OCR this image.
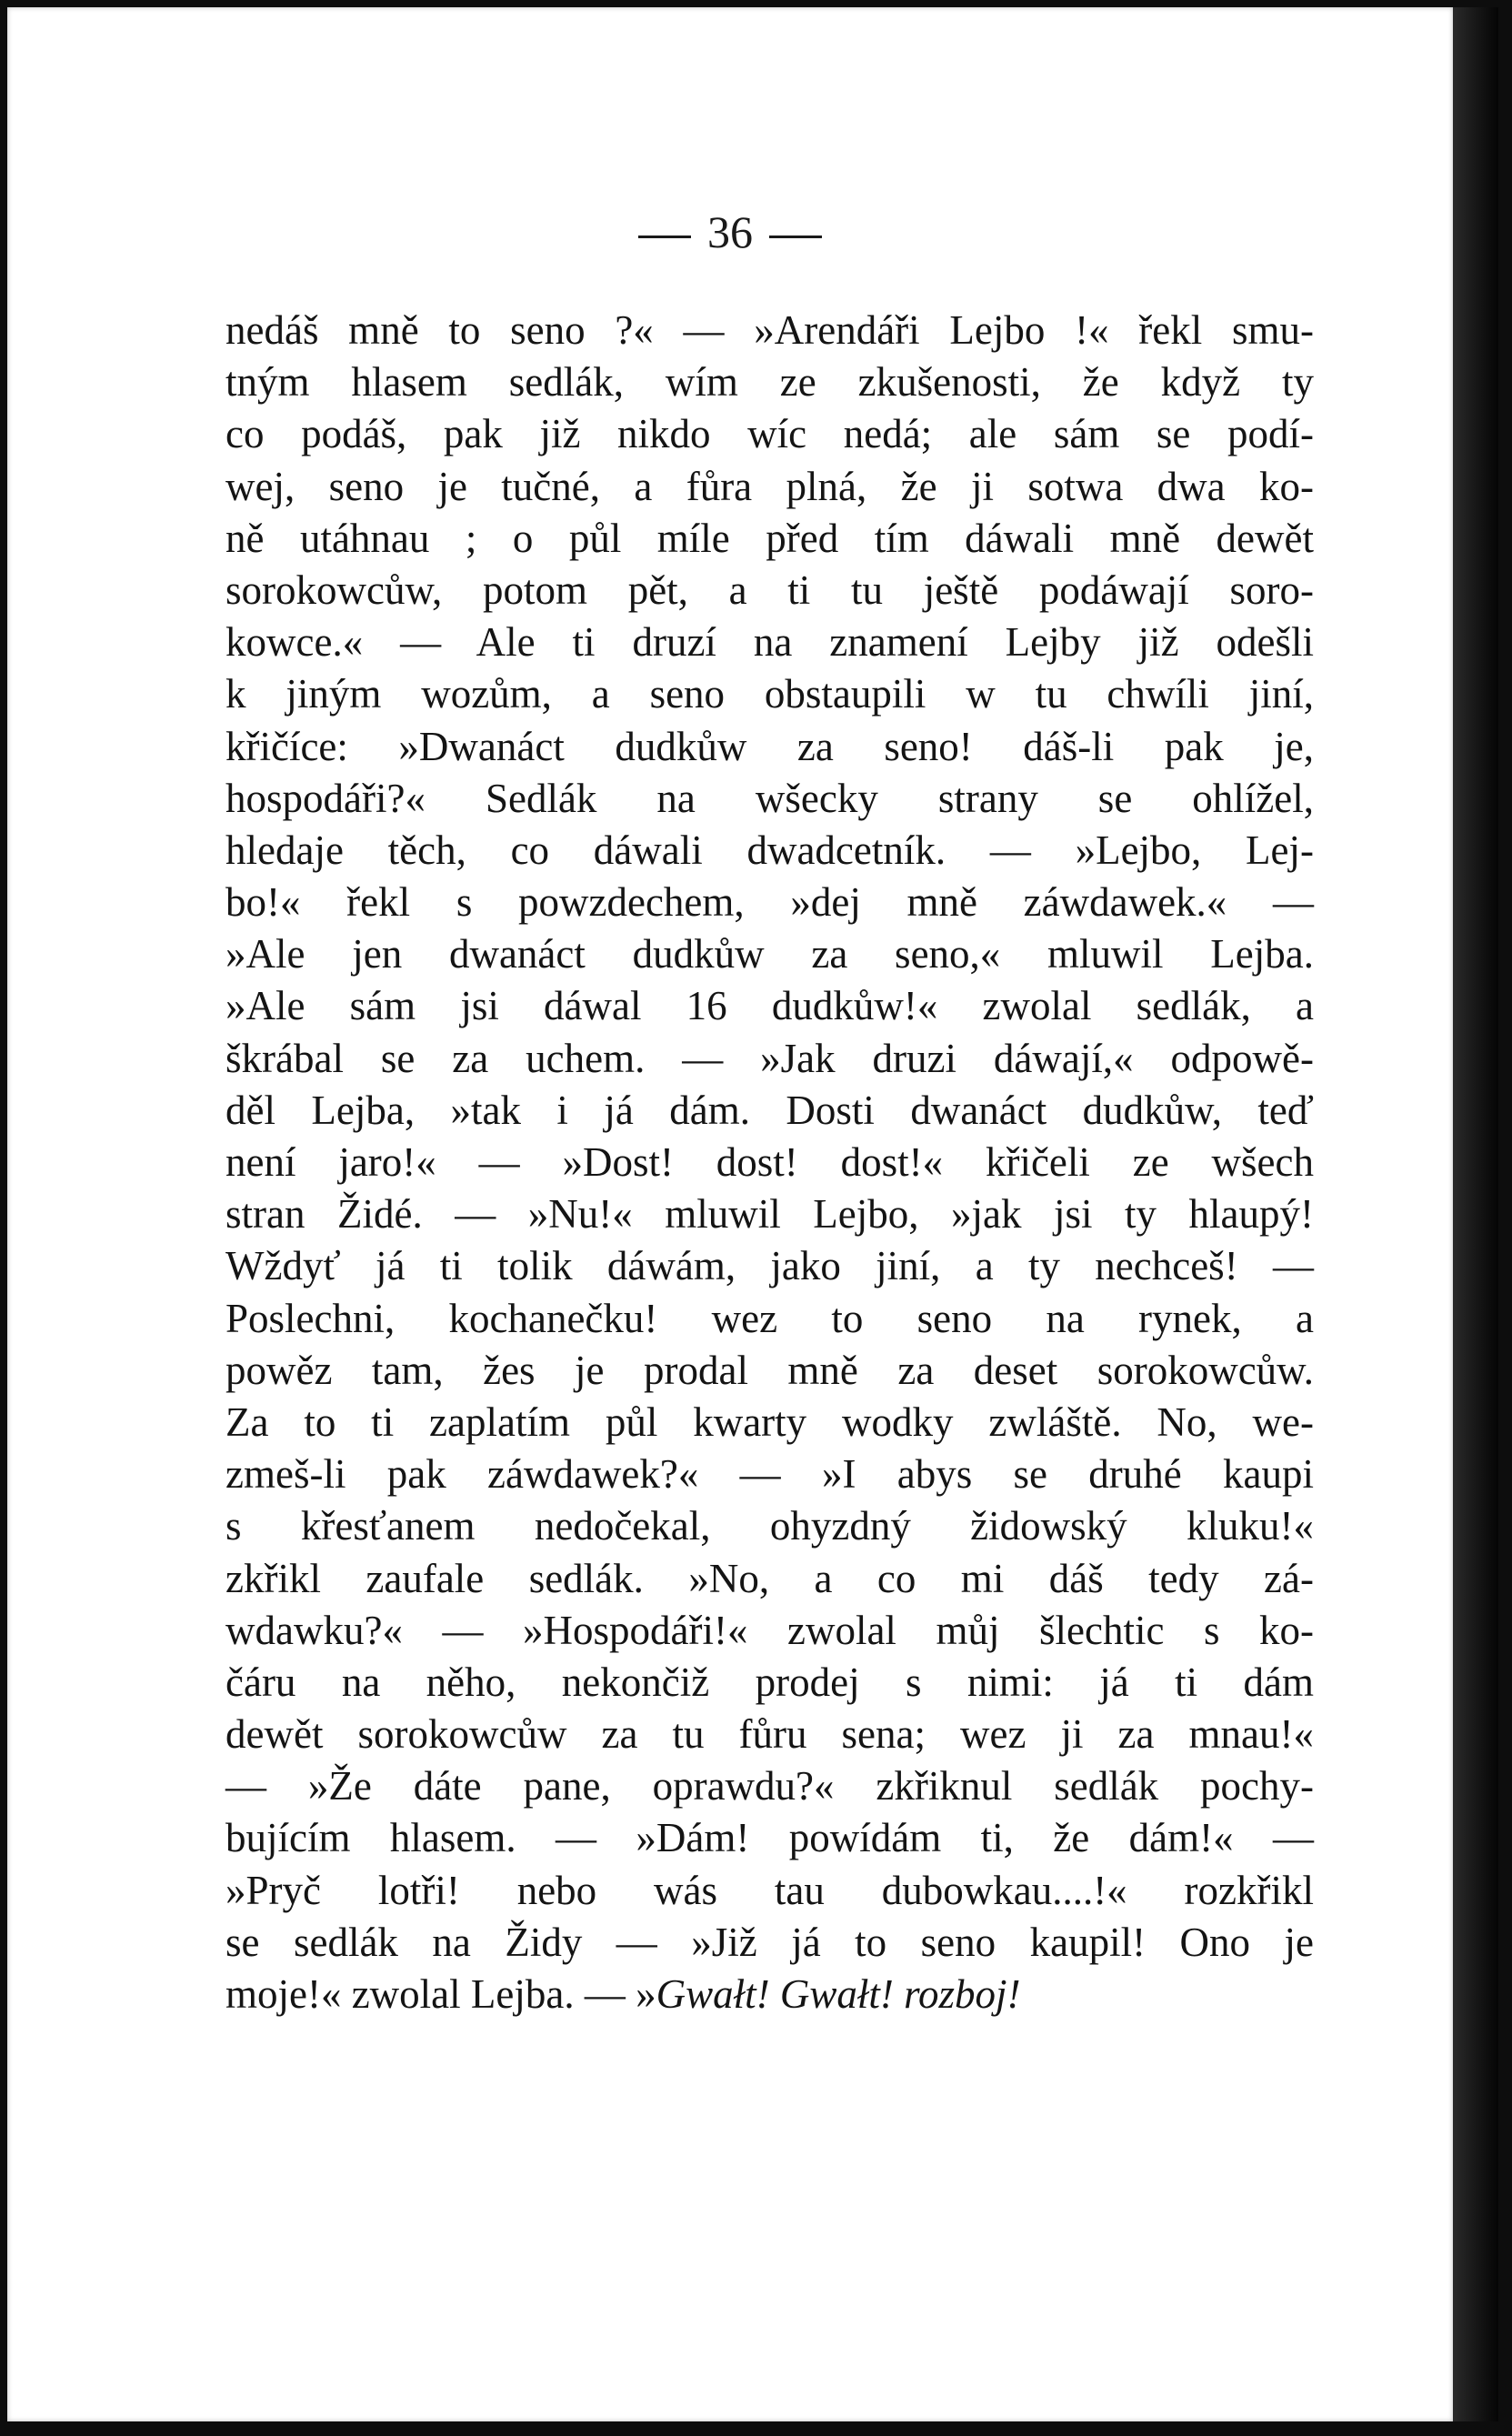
36
nedáš mně to seno ?« — »Arendáři Lejbo !« řekl smu-
tným hlasem sedlák, wím ze zkušenosti, že když ty
co podáš, pak již nikdo wíc nedá; ale sám se podí-
wej, seno je tučné, a fůra plná, že ji sotwa dwa ko-
ně utáhnau ; o půl míle před tím dáwali mně dewět
sorokowcůw, potom pět, a ti tu ještě podáwají soro-
kowce.« — Ale ti druzí na znamení Lejby již odešli
k jiným wozům, a seno obstaupili w tu chwíli jiní,
křičíce: »Dwanáct dudkůw za seno! dáš-li pak je,
hospodáři?« Sedlák na wšecky strany se ohlížel,
hledaje těch, co dáwali dwadcetník. — »Lejbo, Lej-
bo!« řekl s powzdechem, »dej mně záwdawek.« —
»Ale jen dwanáct dudkůw za seno,« mluwil Lejba.
»Ale sám jsi dáwal 16 dudkůw!« zwolal sedlák, a
škrábal se za uchem. — »Jak druzi dáwají,« odpowě-
děl Lejba, »tak i já dám. Dosti dwanáct dudkůw, teď
není jaro!« — »Dost! dost! dost!« křičeli ze wšech
stran Židé. — »Nu!« mluwil Lejbo, »jak jsi ty hlaupý!
Wždyť já ti tolik dáwám, jako jiní, a ty nechceš! —
Poslechni, kochanečku! wez to seno na rynek, a
powěz tam, žes je prodal mně za deset sorokowcůw.
Za to ti zaplatím půl kwarty wodky zwláště. No, we-
zmeš-li pak záwdawek?« — »I abys se druhé kaupi
s křesťanem nedočekal, ohyzdný židowský kluku!«
zkřikl zaufale sedlák. »No, a co mi dáš tedy zá-
wdawku?« — »Hospodáři!« zwolal můj šlechtic s ko-
čáru na něho, nekončiž prodej s nimi: já ti dám
dewět sorokowcůw za tu fůru sena; wez ji za mnau!«
— »Že dáte pane, oprawdu?« zkřiknul sedlák pochy-
bujícím hlasem. — »Dám! powídám ti, že dám!« —
»Pryč lotři! nebo wás tau dubowkau....!« rozkřikl
se sedlák na Židy — »Již já to seno kaupil! Ono je
moje!« zwolal Lejba. — »Gwałt! Gwałt! rozboj!
